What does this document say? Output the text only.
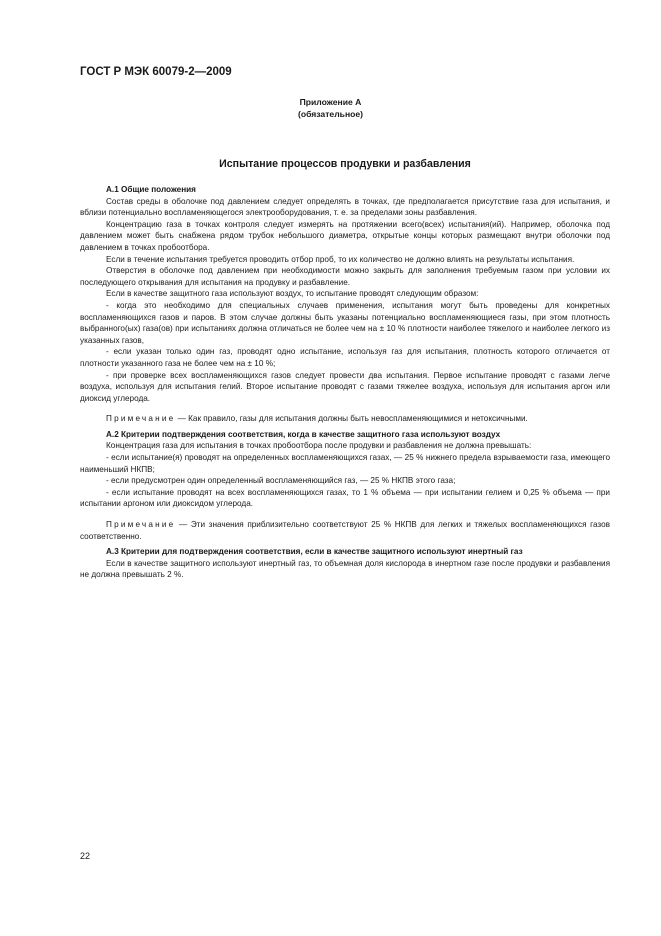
ГОСТ Р МЭК 60079-2—2009
Приложение А
(обязательное)
Испытание процессов продувки и разбавления
А.1 Общие положения

Состав среды в оболочке под давлением следует определять в точках, где предполагается присутствие газа для испытания, и вблизи потенциально воспламеняющегося электрооборудования, т. е. за пределами зоны разбавления.

Концентрацию газа в точках контроля следует измерять на протяжении всего(всех) испытания(ий). Например, оболочка под давлением может быть снабжена рядом трубок небольшого диаметра, открытые концы которых размещают внутри оболочки под давлением в точках пробоотбора.

Если в течение испытания требуется проводить отбор проб, то их количество не должно влиять на результаты испытания.

Отверстия в оболочке под давлением при необходимости можно закрыть для заполнения требуемым газом при условии их последующего открывания для испытания на продувку и разбавление.

Если в качестве защитного газа используют воздух, то испытание проводят следующим образом:

- когда это необходимо для специальных случаев применения, испытания могут быть проведены для конкретных воспламеняющихся газов и паров. В этом случае должны быть указаны потенциально воспламеняющиеся газы, при этом плотность выбранного(ых) газа(ов) при испытаниях должна отличаться не более чем на ± 10 % плотности наиболее тяжелого и наиболее легкого из указанных газов,

- если указан только один газ, проводят одно испытание, используя газ для испытания, плотность которого отличается от плотности указанного газа не более чем на ± 10 %;

- при проверке всех воспламеняющихся газов следует провести два испытания. Первое испытание проводят с газами легче воздуха, используя для испытания гелий. Второе испытание проводят с газами тяжелее воздуха, используя для испытания аргон или диоксид углерода.

Примечание — Как правило, газы для испытания должны быть невоспламеняющимися и нетоксичными.

А.2 Критерии подтверждения соответствия, когда в качестве защитного газа используют воздух

Концентрация газа для испытания в точках пробоотбора после продувки и разбавления не должна превышать:

- если испытание(я) проводят на определенных воспламеняющихся газах, — 25 % нижнего предела взрываемости газа, имеющего наименьший НКПВ;

- если предусмотрен один определенный воспламеняющийся газ, — 25 % НКПВ этого газа;

- если испытание проводят на всех воспламеняющихся газах, то 1 % объема — при испытании гелием и 0,25 % объема — при испытании аргоном или диоксидом углерода.

Примечание — Эти значения приблизительно соответствуют 25 % НКПВ для легких и тяжелых воспламеняющихся газов соответственно.

А.3 Критерии для подтверждения соответствия, если в качестве защитного используют инертный газ

Если в качестве защитного используют инертный газ, то объемная доля кислорода в инертном газе после продувки и разбавления не должна превышать 2 %.

22
